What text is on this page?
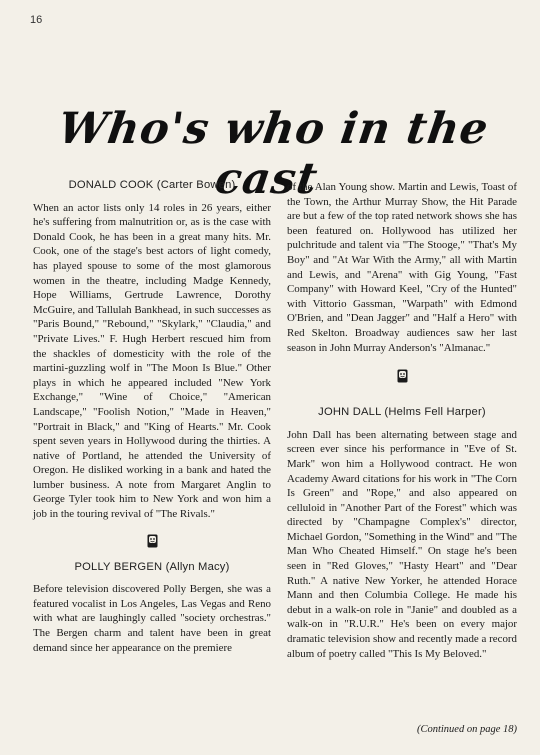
16
Who's who in the cast
DONALD COOK (Carter Bowen)

When an actor lists only 14 roles in 26 years, either he's suffering from malnutrition or, as is the case with Donald Cook, he has been in a great many hits. Mr. Cook, one of the stage's best actors of light comedy, has played spouse to some of the most glamorous women in the theatre, including Madge Kennedy, Hope Williams, Gertrude Lawrence, Dorothy McGuire, and Tallulah Bankhead, in such successes as "Paris Bound," "Rebound," "Skylark," "Claudia," and "Private Lives." F. Hugh Herbert rescued him from the shackles of domesticity with the role of the martini-guzzling wolf in "The Moon Is Blue." Other plays in which he appeared included "New York Exchange," "Wine of Choice," "American Landscape," "Foolish Notion," "Made in Heaven," "Portrait in Black," and "King of Hearts." Mr. Cook spent seven years in Hollywood during the thirties. A native of Portland, he attended the University of Oregon. He disliked working in a bank and hated the lumber business. A note from Margaret Anglin to George Tyler took him to New York and won him a job in the touring revival of "The Rivals."

POLLY BERGEN (Allyn Macy)

Before television discovered Polly Bergen, she was a featured vocalist in Los Angeles, Las Vegas and Reno with what are laughingly called "society orchestras." The Bergen charm and talent have been in great demand since her appearance on the premiere

of the Alan Young show. Martin and Lewis, Toast of the Town, the Arthur Murray Show, the Hit Parade are but a few of the top rated network shows she has been featured on. Hollywood has utilized her pulchritude and talent via "The Stooge," "That's My Boy" and "At War With the Army," all with Martin and Lewis, and "Arena" with Gig Young, "Fast Company" with Howard Keel, "Cry of the Hunted" with Vittorio Gassman, "Warpath" with Edmond O'Brien, and "Dean Jagger" and "Half a Hero" with Red Skelton. Broadway audiences saw her last season in John Murray Anderson's "Almanac."

JOHN DALL (Helms Fell Harper)

John Dall has been alternating between stage and screen ever since his performance in "Eve of St. Mark" won him a Hollywood contract. He won Academy Award citations for his work in "The Corn Is Green" and "Rope," and also appeared on celluloid in "Another Part of the Forest" which was directed by "Champagne Complex's" director, Michael Gordon, "Something in the Wind" and "The Man Who Cheated Himself." On stage he's been seen in "Red Gloves," "Hasty Heart" and "Dear Ruth." A native New Yorker, he attended Horace Mann and then Columbia College. He made his debut in a walk-on role in "Janie" and doubled as a walk-on in "R.U.R." He's been on every major dramatic television show and recently made a record album of poetry called "This Is My Beloved."

(Continued on page 18)
